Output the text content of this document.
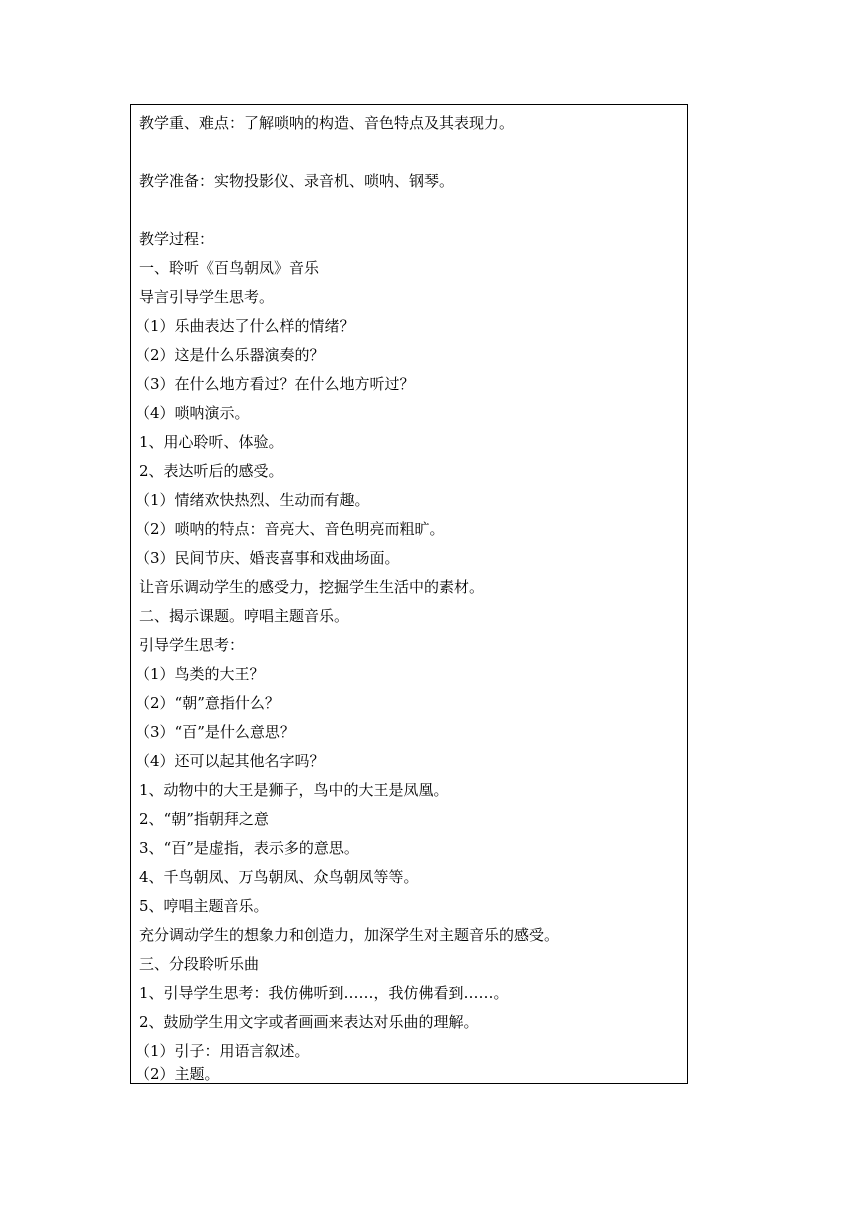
教学重、难点：了解唢呐的构造、音色特点及其表现力。
教学准备：实物投影仪、录音机、唢呐、钢琴。
教学过程：
一、聆听《百鸟朝凤》音乐
导言引导学生思考。
（1）乐曲表达了什么样的情绪？
（2）这是什么乐器演奏的？
（3）在什么地方看过？在什么地方听过？
（4）唢呐演示。
1、用心聆听、体验。
2、表达听后的感受。
（1）情绪欢快热烈、生动而有趣。
（2）唢呐的特点：音亮大、音色明亮而粗旷。
（3）民间节庆、婚丧喜事和戏曲场面。
让音乐调动学生的感受力，挖掘学生生活中的素材。
二、揭示课题。哼唱主题音乐。
引导学生思考：
（1）鸟类的大王？
（2）“朝”意指什么？
（3）“百”是什么意思？
（4）还可以起其他名字吗？
1、动物中的大王是狮子，鸟中的大王是凤凰。
2、“朝”指朝拜之意
3、“百”是虚指，表示多的意思。
4、千鸟朝凤、万鸟朝凤、众鸟朝凤等等。
5、哼唱主题音乐。
充分调动学生的想象力和创造力，加深学生对主题音乐的感受。
三、分段聆听乐曲
1、引导学生思考：我仿佛听到……，我仿佛看到……。
2、鼓励学生用文字或者画画来表达对乐曲的理解。
（1）引子：用语言叙述。
（2）主题。
